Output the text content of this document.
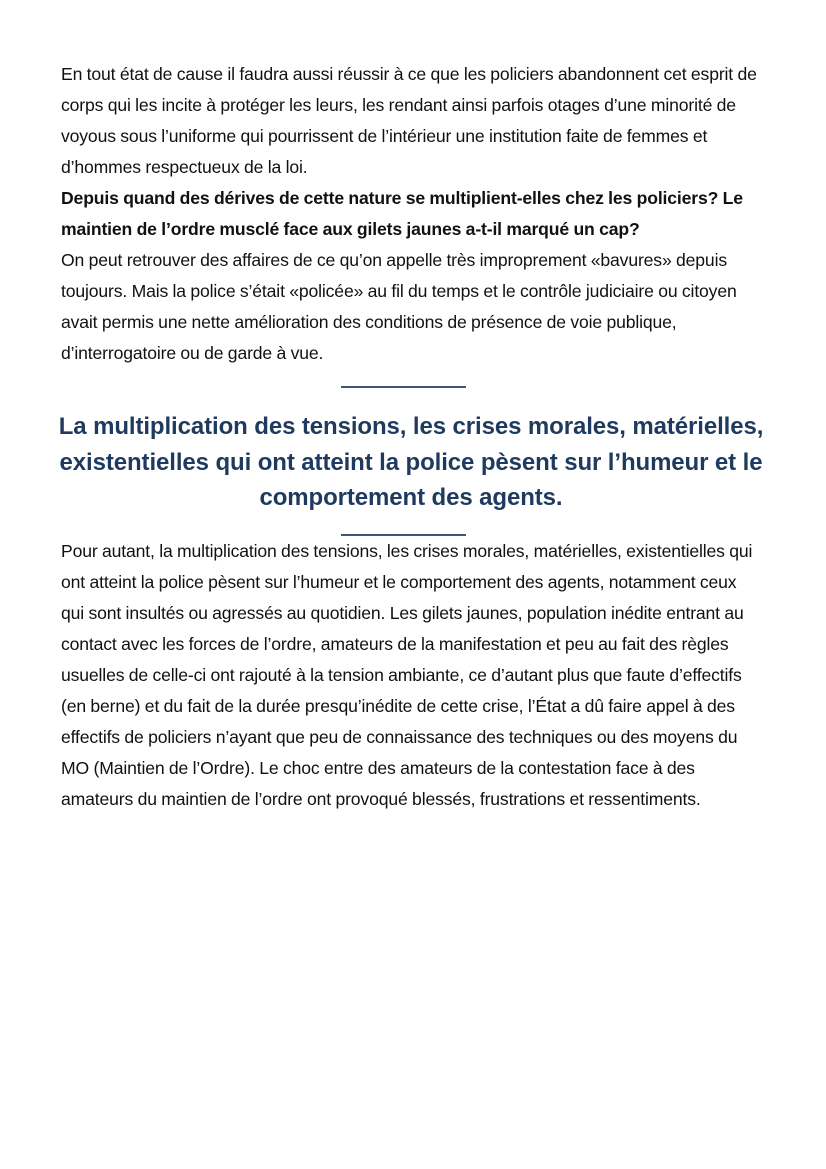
En tout état de cause il faudra aussi réussir à ce que les policiers abandonnent cet esprit de corps qui les incite à protéger les leurs, les rendant ainsi parfois otages d’une minorité de voyous sous l’uniforme qui pourrissent de l’intérieur une institution faite de femmes et d’hommes respectueux de la loi.

Depuis quand des dérives de cette nature se multiplient-elles chez les policiers? Le maintien de l’ordre musclé face aux gilets jaunes a-t-il marqué un cap?

On peut retrouver des affaires de ce qu’on appelle très improprement «bavures» depuis toujours. Mais la police s’était «policée» au fil du temps et le contrôle judiciaire ou citoyen avait permis une nette amélioration des conditions de présence de voie publique, d’interrogatoire ou de garde à vue.

La multiplication des tensions, les crises morales, matérielles, existentielles qui ont atteint la police pèsent sur l’humeur et le comportement des agents.

Pour autant, la multiplication des tensions, les crises morales, matérielles, existentielles qui ont atteint la police pèsent sur l’humeur et le comportement des agents, notamment ceux qui sont insultés ou agressés au quotidien. Les gilets jaunes, population inédite entrant au contact avec les forces de l’ordre, amateurs de la manifestation et peu au fait des règles usuelles de celle-ci ont rajouté à la tension ambiante, ce d’autant plus que faute d’effectifs (en berne) et du fait de la durée presqu’inédite de cette crise, l’État a dû faire appel à des effectifs de policiers n’ayant que peu de connaissance des techniques ou des moyens du MO (Maintien de l’Ordre). Le choc entre des amateurs de la contestation face à des amateurs du maintien de l’ordre ont provoqué blessés, frustrations et ressentiments.
